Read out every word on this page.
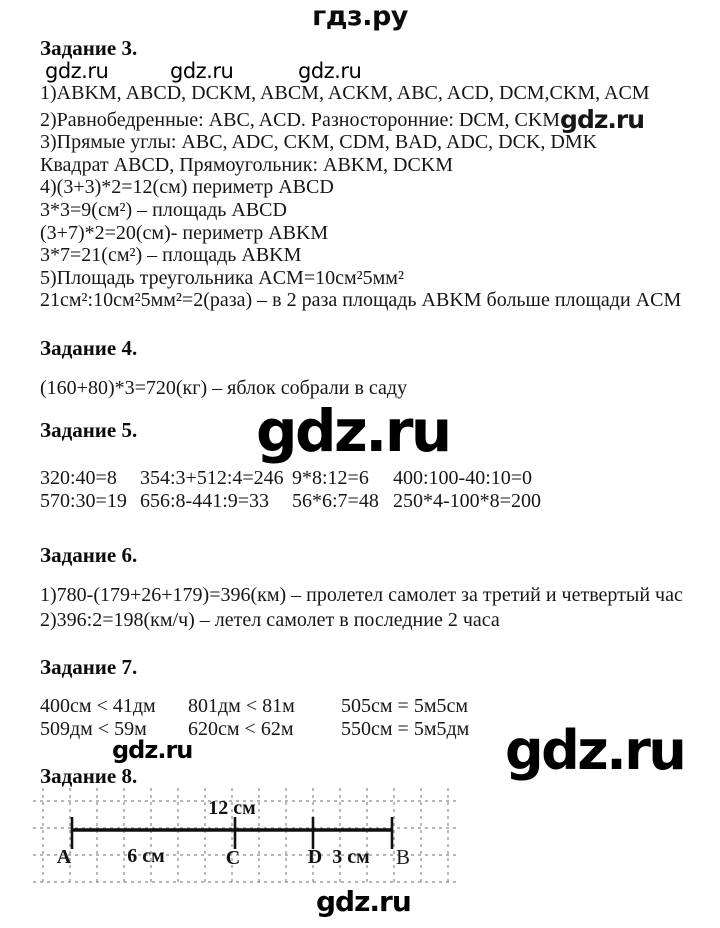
гдз.ру
Задание 3.
gdz.ru	gdz.ru	gdz.ru
1)ABKM, ABCD, DCKM, ABCM, ACKM, ABC, ACD, DCM,CKM, ACM
2)Равнобедренные: ABC, ACD. Разносторонние: DCM, CKMgdz.ru
3)Прямые углы: ABC, ADC, CKM, CDM, BAD, ADC, DCK, DMK
Квадрат ABCD, Прямоугольник: ABKM, DCKM
4)(3+3)*2=12(см) периметр ABCD
3*3=9(см²) – площадь ABCD
(3+7)*2=20(см)- периметр ABKM
3*7=21(см²) – площадь ABKM
5)Площадь треугольника ACM=10см²5мм²
21см²:10см²5мм²=2(раза) – в 2 раза площадь ABKM больше площади ACM
Задание 4.
(160+80)*3=720(кг) – яблок собрали в саду
Задание 5. gdz.ru
320:40=8	354:3+512:4=246 9*8:12=6	400:100-40:10=0
570:30=19 656:8-441:9=33	56*6:7=48 250*4-100*8=200
Задание 6.
1)780-(179+26+179)=396(км) – пролетел самолет за третий и четвертый час
2)396:2=198(км/ч) – летел самолет в последние 2 часа
Задание 7.
400см < 41дм	801дм < 81м	505см = 5м5см
509дм < 59м	620см < 62м	550см = 5м5дм
gdz.ru	gdz.ru
Задание 8.
12 см
A	6 см	C	D 3 см B
gdz.ru
